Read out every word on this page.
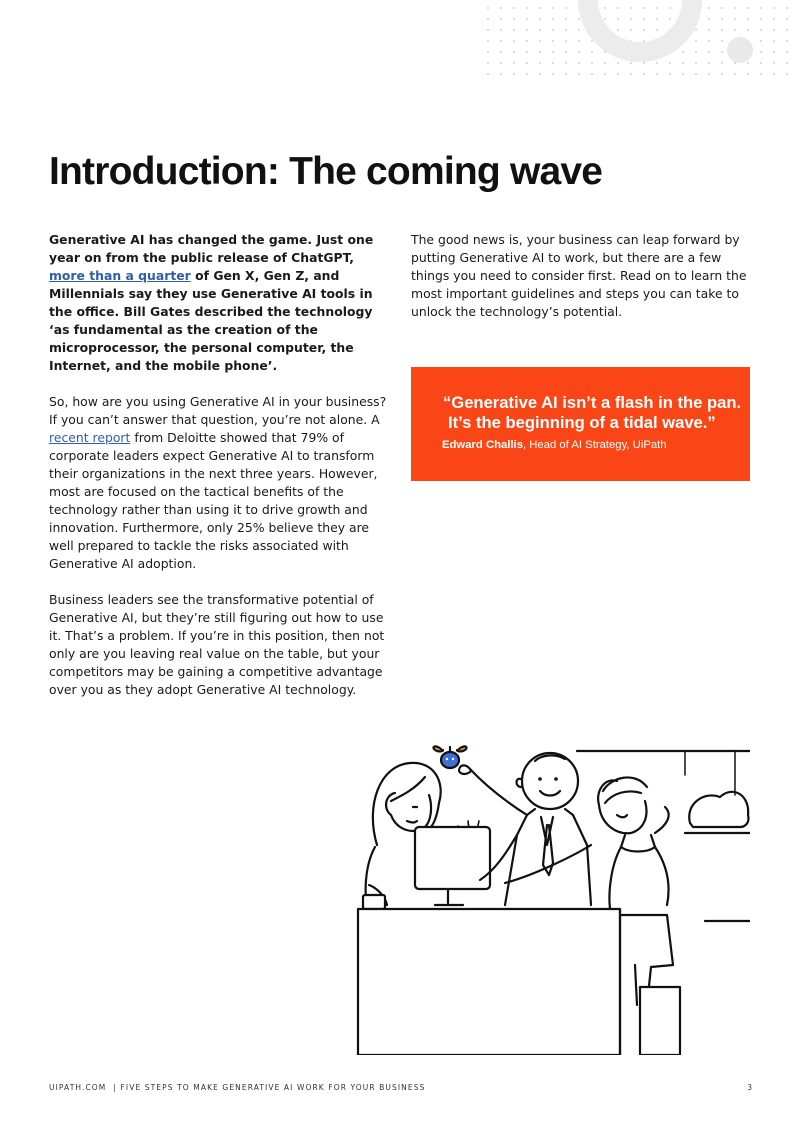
Introduction: The coming wave

Generative AI has changed the game. Just one year on from the public release of ChatGPT,  more than a quarter of Gen X, Gen Z, and Millennials say they use Generative AI tools in the office. Bill Gates described the technology ‘as fundamental as the creation of the microprocessor, the personal computer, the Internet, and the mobile phone’.

So, how are you using Generative AI in your business? If you can’t answer that question, you’re not alone. A recent report from Deloitte showed that 79% of corporate leaders expect Generative AI to transform their organizations in the next three years. However, most are focused on the tactical benefits of the technology rather than using it to drive growth and innovation. Furthermore, only 25% believe they are well prepared to tackle the risks associated with Generative AI adoption.

Business leaders see the transformative potential of Generative AI, but they’re still figuring out how to use it. That’s a problem. If you’re in this position, then not only are you leaving real value on the table, but your competitors may be gaining a competitive advantage over you as they adopt Generative AI technology.

The good news is, your business can leap forward by putting Generative AI to work, but there are a few things you need to consider first. Read on to learn the most important guidelines and steps you can take to unlock the technology’s potential.

“Generative AI isn’t a flash in the pan.
It’s the beginning of a tidal wave.”
Edward Challis, Head of AI Strategy, UiPath
UIPATH.COM | FIVE STEPS TO MAKE GENERATIVE AI WORK FOR YOUR BUSINESS	3
